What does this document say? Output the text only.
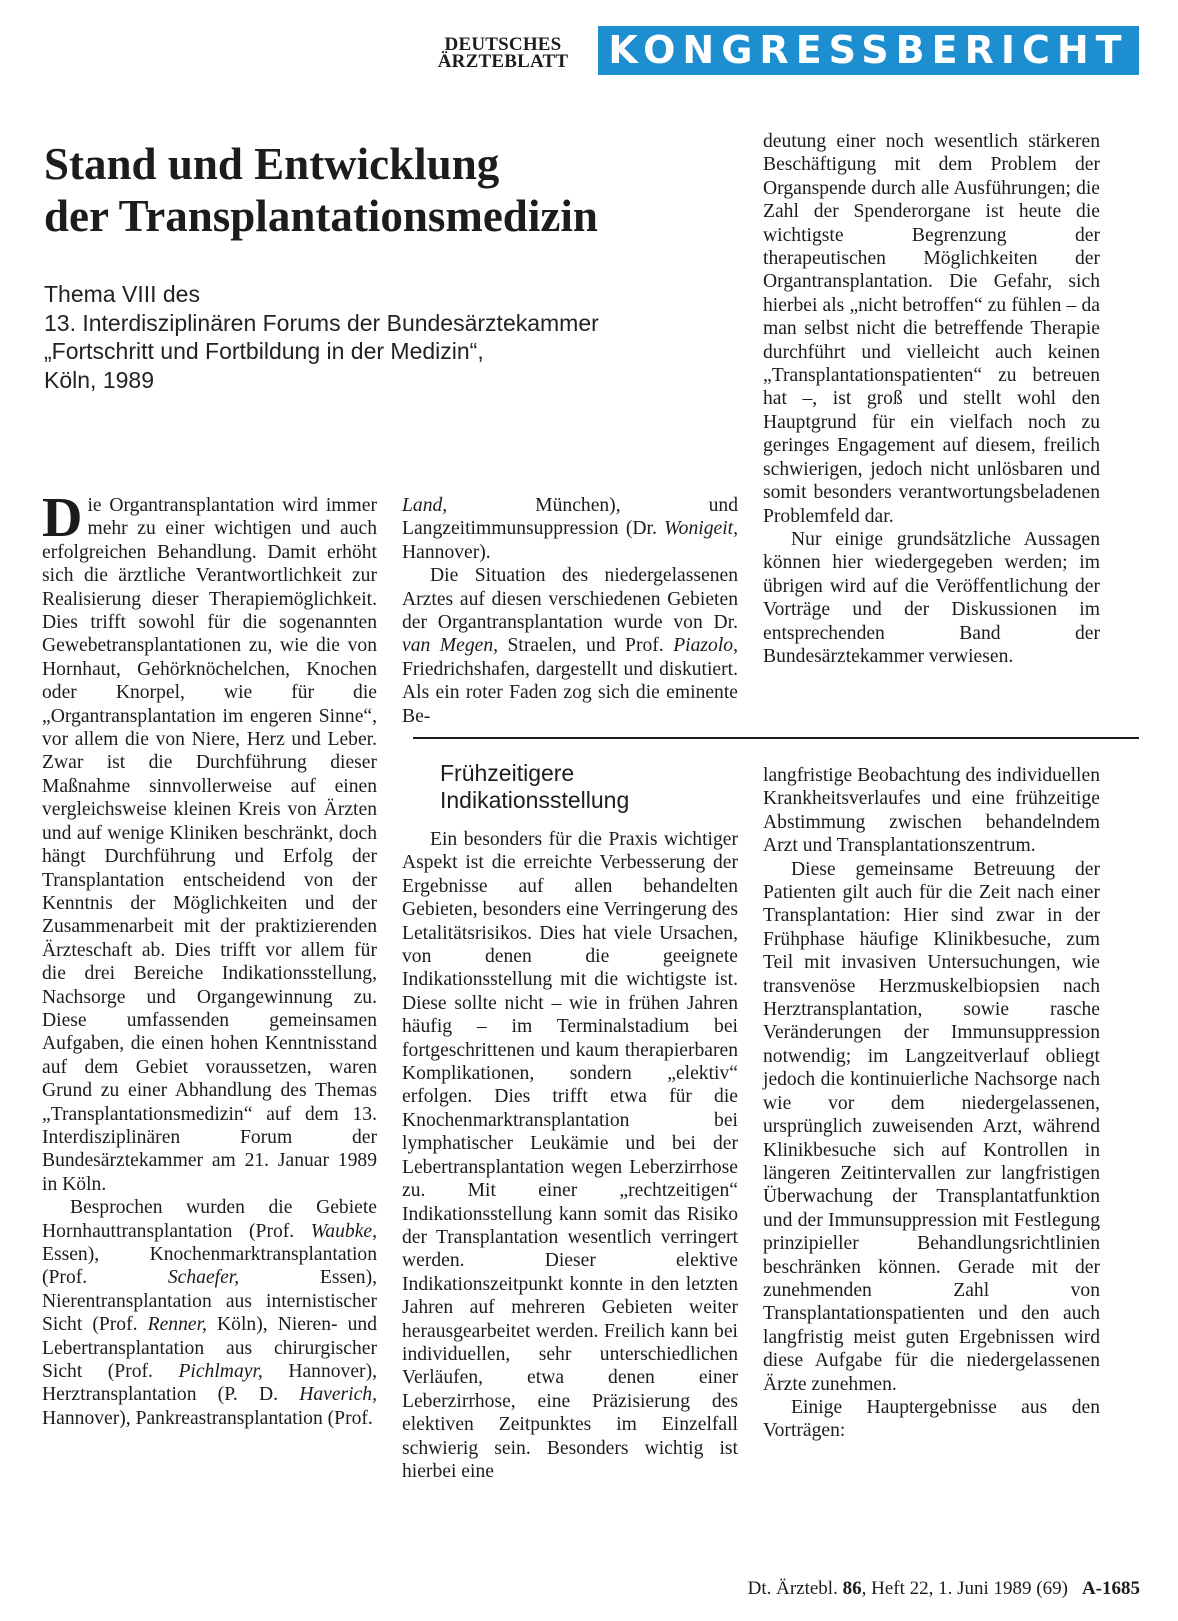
DEUTSCHES
ÄRZTEBLATT	KONGRESSBERICHT
Stand und Entwicklung
der Transplantationsmedizin
Thema VIII des
13. Interdisziplinären Forums der Bundesärztekammer
„Fortschritt und Fortbildung in der Medizin“,
Köln, 1989

Die Organtransplantation wird immer mehr zu einer wichtigen und auch erfolgreichen Behandlung. Damit erhöht sich die ärztliche Verantwortlichkeit zur Realisierung dieser Therapiemöglichkeit. Dies trifft sowohl für die sogenannten Gewebetransplantationen zu, wie die von Hornhaut, Gehörknöchelchen, Knochen oder Knorpel, wie für die „Organtransplantation im engeren Sinne“, vor allem die von Niere, Herz und Leber. Zwar ist die Durchführung dieser Maßnahme sinnvollerweise auf einen vergleichsweise kleinen Kreis von Ärzten und auf wenige Kliniken beschränkt, doch hängt Durchführung und Erfolg der Transplantation entscheidend von der Kenntnis der Möglichkeiten und der Zusammenarbeit mit der praktizierenden Ärzteschaft ab. Dies trifft vor allem für die drei Bereiche Indikationsstellung, Nachsorge und Organgewinnung zu. Diese umfassenden gemeinsamen Aufgaben, die einen hohen Kenntnisstand auf dem Gebiet voraussetzen, waren Grund zu einer Abhandlung des Themas „Transplantationsmedizin“ auf dem 13. Interdisziplinären Forum der Bundesärztekammer am 21. Januar 1989 in Köln.

Besprochen wurden die Gebiete Hornhauttransplantation (Prof. Waubke, Essen), Knochenmarktransplantation (Prof. Schaefer, Essen), Nierentransplantation aus internistischer Sicht (Prof. Renner, Köln), Nieren- und Lebertransplantation aus chirurgischer Sicht (Prof. Pichlmayr, Hannover), Herztransplantation (P. D. Haverich, Hannover), Pankreastransplantation (Prof.

Land, München), und Langzeitimmunsuppression (Dr. Wonigeit, Hannover).

Die Situation des niedergelassenen Arztes auf diesen verschiedenen Gebieten der Organtransplantation wurde von Dr. van Megen, Straelen, und Prof. Piazolo, Friedrichshafen, dargestellt und diskutiert. Als ein roter Faden zog sich die eminente Be-

deutung einer noch wesentlich stärkeren Beschäftigung mit dem Problem der Organspende durch alle Ausführungen; die Zahl der Spenderorgane ist heute die wichtigste Begrenzung der therapeutischen Möglichkeiten der Organtransplantation. Die Gefahr, sich hierbei als „nicht betroffen“ zu fühlen – da man selbst nicht die betreffende Therapie durchführt und vielleicht auch keinen „Transplantationspatienten“ zu betreuen hat –, ist groß und stellt wohl den Hauptgrund für ein vielfach noch zu geringes Engagement auf diesem, freilich schwierigen, jedoch nicht unlösbaren und somit besonders verantwortungsbeladenen Problemfeld dar.

Nur einige grundsätzliche Aussagen können hier wiedergegeben werden; im übrigen wird auf die Veröffentlichung der Vorträge und der Diskussionen im entsprechenden Band der Bundesärztekammer verwiesen.

Frühzeitigere
Indikationsstellung

Ein besonders für die Praxis wichtiger Aspekt ist die erreichte Verbesserung der Ergebnisse auf allen behandelten Gebieten, besonders eine Verringerung des Letalitätsrisikos. Dies hat viele Ursachen, von denen die geeignete Indikationsstellung mit die wichtigste ist. Diese sollte nicht – wie in frühen Jahren häufig – im Terminalstadium bei fortgeschrittenen und kaum therapierbaren Komplikationen, sondern „elektiv“ erfolgen. Dies trifft etwa für die Knochenmarktransplantation bei lymphatischer Leukämie und bei der Lebertransplantation wegen Leberzirrhose zu. Mit einer „rechtzeitigen“ Indikationsstellung kann somit das Risiko der Transplantation wesentlich verringert werden. Dieser elektive Indikationszeitpunkt konnte in den letzten Jahren auf mehreren Gebieten weiter herausgearbeitet werden. Freilich kann bei individuellen, sehr unterschiedlichen Verläufen, etwa denen einer Leberzirrhose, eine Präzisierung des elektiven Zeitpunktes im Einzelfall schwierig sein. Besonders wichtig ist hierbei eine

langfristige Beobachtung des individuellen Krankheitsverlaufes und eine frühzeitige Abstimmung zwischen behandelndem Arzt und Transplantationszentrum.

Diese gemeinsame Betreuung der Patienten gilt auch für die Zeit nach einer Transplantation: Hier sind zwar in der Frühphase häufige Klinikbesuche, zum Teil mit invasiven Untersuchungen, wie transvenöse Herzmuskelbiopsien nach Herztransplantation, sowie rasche Veränderungen der Immunsuppression notwendig; im Langzeitverlauf obliegt jedoch die kontinuierliche Nachsorge nach wie vor dem niedergelassenen, ursprünglich zuweisenden Arzt, während Klinikbesuche sich auf Kontrollen in längeren Zeitintervallen zur langfristigen Überwachung der Transplantatfunktion und der Immunsuppression mit Festlegung prinzipieller Behandlungsrichtlinien beschränken können. Gerade mit der zunehmenden Zahl von Transplantationspatienten und den auch langfristig meist guten Ergebnissen wird diese Aufgabe für die niedergelassenen Ärzte zunehmen.

Einige Hauptergebnisse aus den Vorträgen:

Dt. Ärztebl. 86, Heft 22, 1. Juni 1989 (69) A-1685
